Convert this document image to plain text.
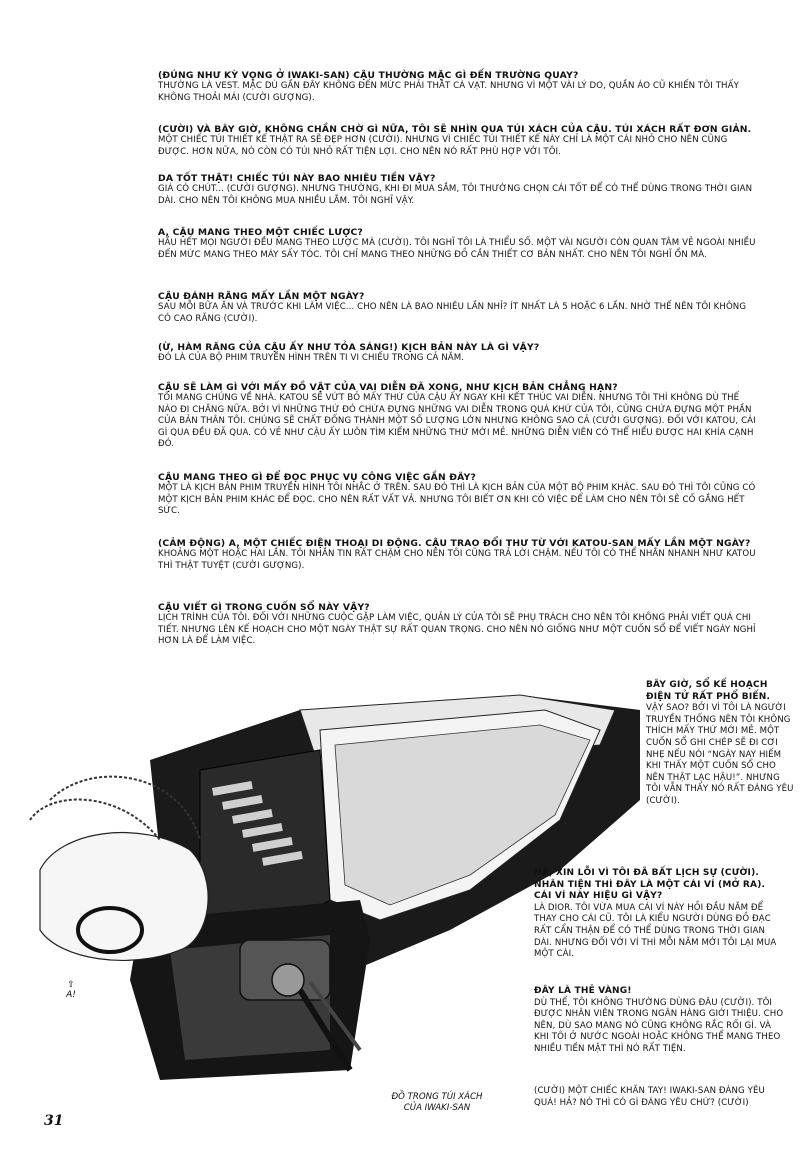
(ĐÚNG NHƯ KỲ VỌNG Ở IWAKI-SAN) CẬU THƯỜNG MẶC GÌ ĐẾN TRƯỜNG QUAY?

THƯỜNG LÀ VEST. MẶC DÙ GẦN ĐÂY KHÔNG ĐẾN MỨC PHẢI THẮT CÀ VẠT. NHƯNG VÌ MỘT VÀI LÝ DO, QUẦN ÁO CŨ KHIẾN TÔI THẤY KHÔNG THOẢI MÁI (CƯỜI GƯỢNG).

(CƯỜI) VÀ BÂY GIỜ, KHÔNG CHẦN CHỜ GÌ NỮA, TÔI SẼ NHÌN QUA TÚI XÁCH CỦA CẬU. TÚI XÁCH RẤT ĐƠN GIẢN.

MỘT CHIẾC TÚI THIẾT KẾ THẬT RA SẼ ĐẸP HƠN (CƯỜI). NHƯNG VÌ CHIẾC TÚI THIẾT KẾ NÀY CHỈ LÀ MỘT CÁI NHỎ CHO NÊN CŨNG ĐƯỢC. HƠN NỮA, NÓ CÒN CÓ TÚI NHỎ RẤT TIỆN LỢI. CHO NÊN NÓ RẤT PHÙ HỢP VỚI TÔI.

DA TỐT THẬT! CHIẾC TÚI NÀY BAO NHIÊU TIỀN VẬY?

GIÁ CÓ CHÚT... (CƯỜI GƯỢNG). NHƯNG THƯỜNG, KHI ĐI MUA SẮM, TÔI THƯỜNG CHỌN CÁI TỐT ĐỂ CÓ THỂ DÙNG TRONG THỜI GIAN DÀI. CHO NÊN TÔI KHÔNG MUA NHIỀU LẮM. TÔI NGHĨ VẬY.

A, CẬU MANG THEO MỘT CHIẾC LƯỢC?

HẦU HẾT MỌI NGƯỜI ĐỀU MANG THEO LƯỢC MÀ (CƯỜI). TÔI NGHĨ TÔI LÀ THIỂU SỐ. MỘT VÀI NGƯỜI CÒN QUAN TÂM VẺ NGOÀI NHIỀU ĐẾN MỨC MANG THEO MÁY SẤY TÓC. TÔI CHỈ MANG THEO NHỮNG ĐỒ CẦN THIẾT CƠ BẢN NHẤT. CHO NÊN TÔI NGHĨ ỔN MÀ.

CẬU ĐÁNH RĂNG MẤY LẦN MỘT NGÀY?

SAU MỖI BỮA ĂN VÀ TRƯỚC KHI LÀM VIỆC... CHO NÊN LÀ BAO NHIÊU LẦN NHỈ? ÍT NHẤT LÀ 5 HOẶC 6 LẦN. NHỜ THẾ NÊN TÔI KHÔNG CÓ CAO RĂNG (CƯỜI).

(Ừ, HÀM RĂNG CỦA CẬU ẤY NHƯ TỎA SÁNG!) KỊCH BẢN NÀY LÀ GÌ VẬY?

ĐÓ LÀ CỦA BỘ PHIM TRUYỀN HÌNH TRÊN TI VI CHIẾU TRONG CẢ NĂM.

CẬU SẼ LÀM GÌ VỚI MẤY ĐỒ VẬT CỦA VAI DIỄN ĐÃ XONG, NHƯ KỊCH BẢN CHẲNG HẠN?

TÔI MANG CHÚNG VỀ NHÀ. KATOU SẼ VỨT BỎ MẤY THỨ CỦA CẬU ẤY NGAY KHI KẾT THÚC VAI DIỄN. NHƯNG TÔI THÌ KHÔNG DÙ THẾ NÀO ĐI CHĂNG NỮA. BỞI VÌ NHỮNG THỨ ĐÓ CHỨA ĐỰNG NHỮNG VAI DIỄN TRONG QUÁ KHỨ CỦA TÔI, CŨNG CHỨA ĐỰNG MỘT PHẦN CỦA BẢN THÂN TÔI. CHÚNG SẼ CHẤT ĐỐNG THÀNH MỘT SỐ LƯỢNG LỚN NHƯNG KHÔNG SAO CẢ (CƯỜI GƯỢNG). ĐỐI VỚI KATOU, CÁI GÌ QUA ĐỀU ĐÃ QUA. CÓ VẺ NHƯ CẬU ẤY LUÔN TÌM KIẾM NHỮNG THỨ MỚI MẺ. NHỮNG DIỄN VIÊN CÓ THỂ HIỂU ĐƯỢC HAI KHÍA CẠNH ĐÓ.

CẬU MANG THEO GÌ ĐỂ ĐỌC PHỤC VỤ CÔNG VIỆC GẦN ĐÂY?

MỘT LÀ KỊCH BẢN PHIM TRUYỀN HÌNH TÔI NHẮC Ở TRÊN. SAU ĐÓ THÌ LÀ KỊCH BẢN CỦA MỘT BỘ PHIM KHÁC. SAU ĐÓ THÌ TÔI CŨNG CÓ MỘT KỊCH BẢN PHIM KHÁC ĐỂ ĐỌC. CHO NÊN RẤT VẤT VẢ. NHƯNG TÔI BIẾT ƠN KHI CÓ VIỆC ĐỂ LÀM CHO NÊN TÔI SẼ CỐ GẮNG HẾT SỨC.

(CẢM ĐỘNG) A, MỘT CHIẾC ĐIỆN THOẠI DI ĐỘNG. CẬU TRAO ĐỔI THƯ TỪ VỚI KATOU-SAN MẤY LẦN MỘT NGÀY?

KHOẢNG MỘT HOẶC HAI LẦN. TÔI NHẮN TIN RẤT CHẬM CHO NÊN TÔI CŨNG TRẢ LỜI CHẬM. NẾU TÔI CÓ THỂ NHẮN NHANH NHƯ KATOU THÌ THẬT TUYỆT (CƯỜI GƯỢNG).

CẬU VIẾT GÌ TRONG CUỐN SỔ NÀY VẬY?

LỊCH TRÌNH CỦA TÔI. ĐỐI VỚI NHỮNG CUỘC GẶP LÀM VIỆC, QUẢN LÝ CỦA TÔI SẼ PHỤ TRÁCH CHO NÊN TÔI KHÔNG PHẢI VIẾT QUÁ CHI TIẾT. NHƯNG LÊN KẾ HOẠCH CHO MỘT NGÀY THẬT SỰ RẤT QUAN TRỌNG. CHO NÊN NÓ GIỐNG NHƯ MỘT CUỐN SỔ ĐỂ VIẾT NGÀY NGHỈ HƠN LÀ ĐỂ LÀM VIỆC.

BÂY GIỜ, SỔ KẾ HOẠCH ĐIỆN TỬ RẤT PHỔ BIẾN.

VẬY SAO? BỞI VÌ TÔI LÀ NGƯỜI TRUYỀN THỐNG NÊN TÔI KHÔNG THÍCH MẤY THỨ MỚI MẺ. MỘT CUỐN SỔ GHI CHÉP SẼ ĐI CƠI NHẸ NẾU NÓI “NGÀY NAY HIẾM KHI THẤY MỘT CUỐN SỔ CHO NÊN THẬT LẠC HẬU!”. NHƯNG TÔI VẪN THẤY NÓ RẤT ĐÁNG YÊU (CƯỜI).

HẢ, XIN LỖI VÌ TÔI ĐÃ BẤT LỊCH SỰ (CƯỜI). NHÂN TIỆN THÌ ĐÂY LÀ MỘT CÁI VÍ (MỞ RA). CÁI VÍ NÀY HIỆU GÌ VẬY?

LÀ DIOR. TÔI VỪA MUA CÁI VÍ NÀY HỒI ĐẦU NĂM ĐỂ THAY CHO CÁI CŨ. TÔI LÀ KIỂU NGƯỜI DÙNG ĐỒ ĐẠC RẤT CẨN THẬN ĐỂ CÓ THỂ DÙNG TRONG THỜI GIAN DÀI. NHƯNG ĐỐI VỚI VÍ THÌ MỖI NĂM MỚI TÔI LẠI MUA MỘT CÁI.

ĐÂY LÀ THẺ VÀNG!

DÙ THẾ, TÔI KHÔNG THƯỜNG DÙNG ĐÂU (CƯỜI). TÔI ĐƯỢC NHÂN VIÊN TRONG NGÂN HÀNG GIỚI THIỆU. CHO NÊN, DÙ SAO MANG NÓ CŨNG KHÔNG RẮC RỐI GÌ. VÀ KHI TÔI Ở NƯỚC NGOÀI HOẶC KHÔNG THỂ MANG THEO NHIỀU TIỀN MẶT THÌ NÓ RẤT TIỆN.

(CƯỜI) MỘT CHIẾC KHĂN TAY! IWAKI-SAN ĐÁNG YÊU QUÁ! HẢ? NÓ THÌ CÓ GÌ ĐÁNG YÊU CHỨ? (CƯỜI)

⇧
A!
ĐỒ TRONG TÚI XÁCH CỦA IWAKI-SAN
31
